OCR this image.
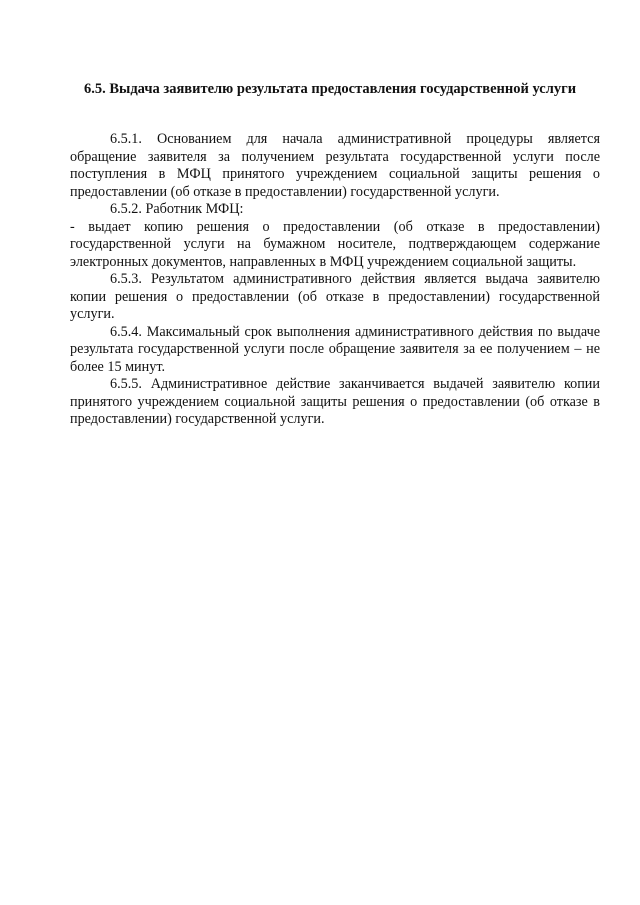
6.5. Выдача заявителю результата предоставления государственной услуги

6.5.1. Основанием для начала административной процедуры является обращение заявителя за получением результата государственной услуги после поступления в МФЦ принятого учреждением социальной защиты решения о предоставлении (об отказе в предоставлении) государственной услуги.

6.5.2. Работник МФЦ:

- выдает копию решения о предоставлении (об отказе в предоставлении) государственной услуги на бумажном носителе, подтверждающем содержание электронных документов, направленных в МФЦ учреждением социальной защиты.

6.5.3. Результатом административного действия является выдача заявителю копии решения о предоставлении (об отказе в предоставлении) государственной услуги.

6.5.4. Максимальный срок выполнения административного действия по выдаче результата государственной услуги после обращение заявителя за ее получением – не более 15 минут.

6.5.5. Административное действие заканчивается выдачей заявителю копии принятого учреждением социальной защиты решения о предоставлении (об отказе в предоставлении) государственной услуги.
